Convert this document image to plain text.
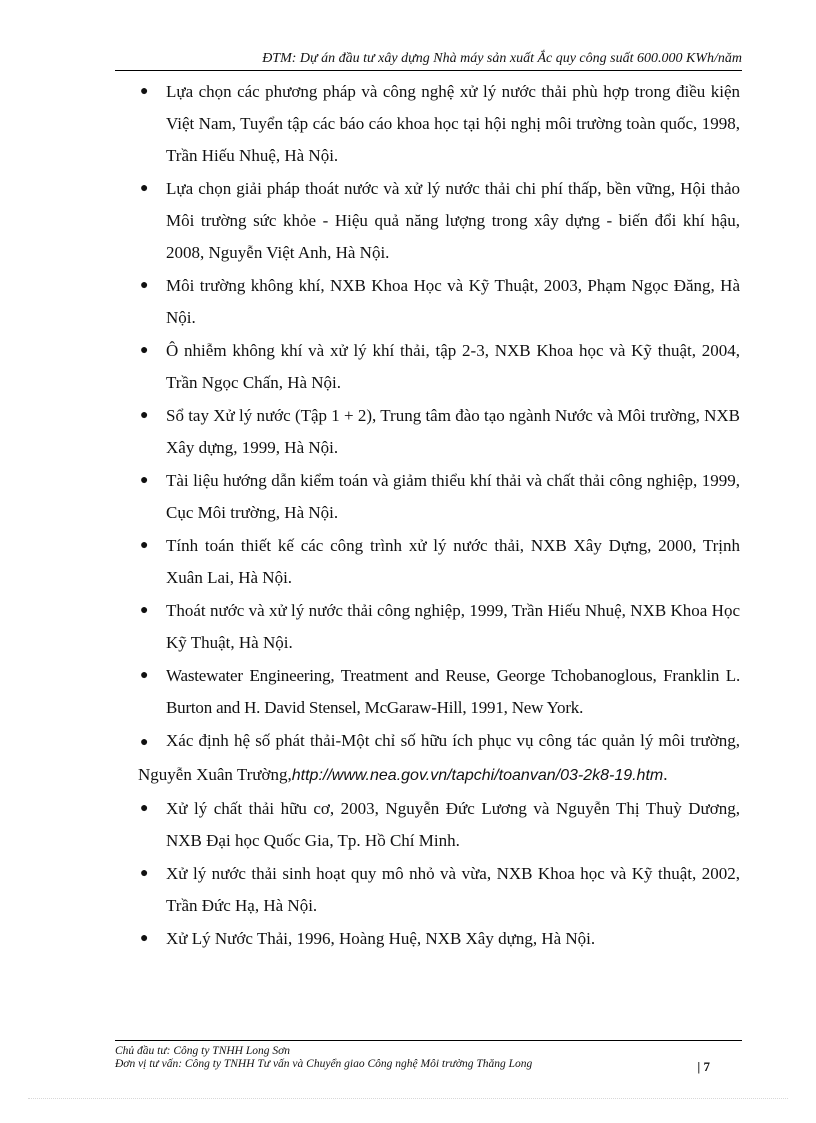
ĐTM: Dự án đầu tư xây dựng Nhà máy sản xuất Ắc quy công suất 600.000 KWh/năm
● Lựa chọn các phương pháp và công nghệ xử lý nước thải phù hợp trong điều kiện Việt Nam, Tuyển tập các báo cáo khoa học tại hội nghị môi trường toàn quốc, 1998, Trần Hiếu Nhuệ, Hà Nội.
● Lựa chọn giải pháp thoát nước và xử lý nước thải chi phí thấp, bền vững, Hội thảo Môi trường sức khỏe - Hiệu quả năng lượng trong xây dựng - biến đổi khí hậu, 2008, Nguyễn Việt Anh, Hà Nội.
● Môi trường không khí, NXB Khoa Học và Kỹ Thuật, 2003, Phạm Ngọc Đăng, Hà Nội.
● Ô nhiễm không khí và xử lý khí thải, tập 2-3, NXB Khoa học và Kỹ thuật, 2004, Trần Ngọc Chấn, Hà Nội.
● Sổ tay Xử lý nước (Tập 1 + 2), Trung tâm đào tạo ngành Nước và Môi trường, NXB Xây dựng, 1999, Hà Nội.
● Tài liệu hướng dẫn kiểm toán và giảm thiểu khí thải và chất thải công nghiệp, 1999, Cục Môi trường, Hà Nội.
● Tính toán thiết kế các công trình xử lý nước thải, NXB Xây Dựng, 2000, Trịnh Xuân Lai, Hà Nội.
● Thoát nước và xử lý nước thải công nghiệp, 1999, Trần Hiếu Nhuệ, NXB Khoa Học Kỹ Thuật, Hà Nội.
● Wastewater Engineering, Treatment and Reuse, George Tchobanoglous, Franklin L. Burton and H. David Stensel, McGaraw-Hill, 1991, New York.
● Xác định hệ số phát thải-Một chỉ số hữu ích phục vụ công tác quản lý môi trường, Nguyễn Xuân Trường,http://www.nea.gov.vn/tapchi/toanvan/03-2k8-19.htm.
● Xử lý chất thải hữu cơ, 2003, Nguyễn Đức Lương và Nguyễn Thị Thuỳ Dương, NXB Đại học Quốc Gia, Tp. Hồ Chí Minh.
● Xử lý nước thải sinh hoạt quy mô nhỏ và vừa, NXB Khoa học và Kỹ thuật, 2002, Trần Đức Hạ, Hà Nội.
● Xử Lý Nước Thải, 1996, Hoàng Huệ, NXB Xây dựng, Hà Nội.
Chủ đầu tư: Công ty TNHH Long Sơn
Đơn vị tư vấn: Công ty TNHH Tư vấn và Chuyển giao Công nghệ Môi trường Thăng Long	| 7
